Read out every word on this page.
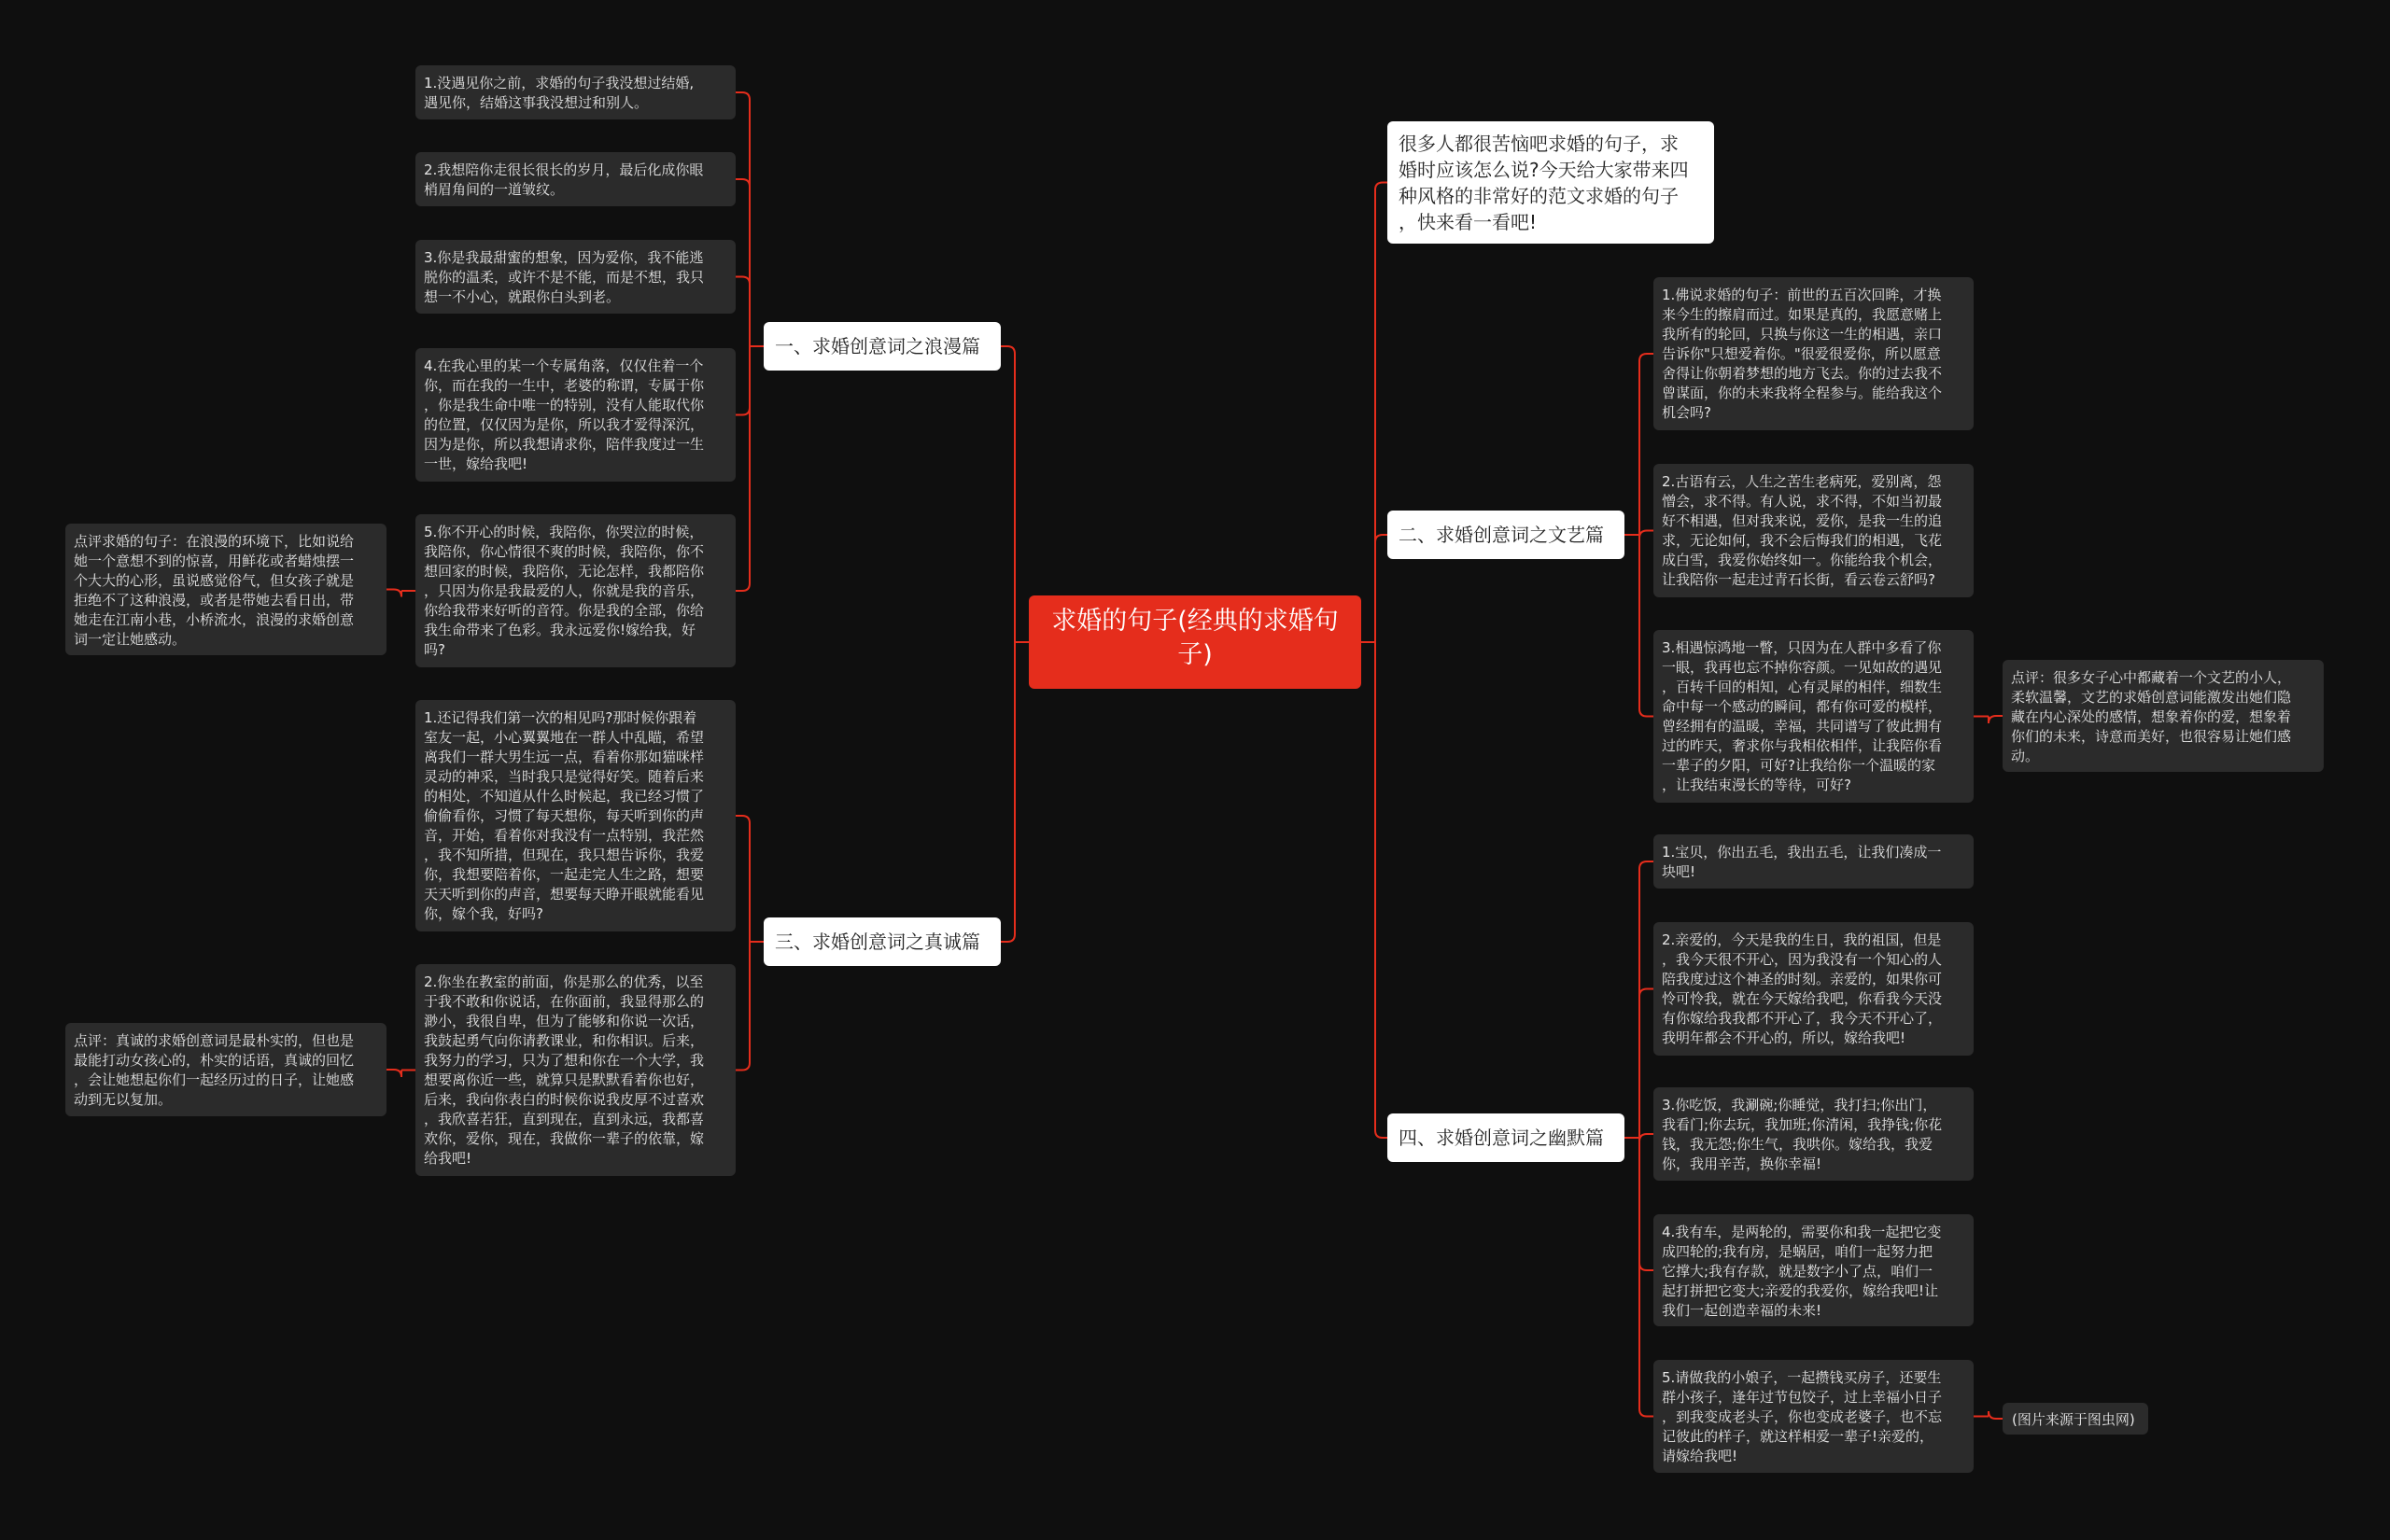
求婚的句子(经典的求婚句
子)
很多人都很苦恼吧求婚的句子，求
婚时应该怎么说?今天给大家带来四
种风格的非常好的范文求婚的句子
，快来看一看吧!
一、求婚创意词之浪漫篇
1.没遇见你之前，求婚的句子我没想过结婚,
遇见你，结婚这事我没想过和别人。
2.我想陪你走很长很长的岁月，最后化成你眼
梢眉角间的一道皱纹。
3.你是我最甜蜜的想象，因为爱你，我不能逃
脱你的温柔，或许不是不能，而是不想，我只
想一不小心，就跟你白头到老。
4.在我心里的某一个专属角落，仅仅住着一个
你，而在我的一生中，老婆的称谓，专属于你
，你是我生命中唯一的特别，没有人能取代你
的位置，仅仅因为是你，所以我才爱得深沉，
因为是你，所以我想请求你，陪伴我度过一生
一世，嫁给我吧!
5.你不开心的时候，我陪你，你哭泣的时候，
我陪你，你心情很不爽的时候，我陪你，你不
想回家的时候，我陪你，无论怎样，我都陪你
，只因为你是我最爱的人，你就是我的音乐，
你给我带来好听的音符。你是我的全部，你给
我生命带来了色彩。我永远爱你!嫁给我，好
吗?
点评求婚的句子：在浪漫的环境下，比如说给
她一个意想不到的惊喜，用鲜花或者蜡烛摆一
个大大的心形，虽说感觉俗气，但女孩子就是
拒绝不了这种浪漫，或者是带她去看日出，带
她走在江南小巷，小桥流水，浪漫的求婚创意
词一定让她感动。
二、求婚创意词之文艺篇
1.佛说求婚的句子：前世的五百次回眸，才换
来今生的擦肩而过。如果是真的，我愿意赌上
我所有的轮回，只换与你这一生的相遇，亲口
告诉你"只想爱着你。"很爱很爱你，所以愿意
舍得让你朝着梦想的地方飞去。你的过去我不
曾谋面，你的未来我将全程参与。能给我这个
机会吗?
2.古语有云，人生之苦生老病死，爱别离，怨
憎会，求不得。有人说，求不得，不如当初最
好不相遇，但对我来说，爱你，是我一生的追
求，无论如何，我不会后悔我们的相遇，飞花
成白雪，我爱你始终如一。你能给我个机会，
让我陪你一起走过青石长街，看云卷云舒吗?
3.相遇惊鸿地一瞥，只因为在人群中多看了你
一眼，我再也忘不掉你容颜。一见如故的遇见
，百转千回的相知，心有灵犀的相伴，细数生
命中每一个感动的瞬间，都有你可爱的模样，
曾经拥有的温暖，幸福，共同谱写了彼此拥有
过的昨天，奢求你与我相依相伴，让我陪你看
一辈子的夕阳，可好?让我给你一个温暖的家
，让我结束漫长的等待，可好?
点评：很多女子心中都藏着一个文艺的小人，
柔软温馨，文艺的求婚创意词能激发出她们隐
藏在内心深处的感情，想象着你的爱，想象着
你们的未来，诗意而美好，也很容易让她们感
动。
三、求婚创意词之真诚篇
1.还记得我们第一次的相见吗?那时候你跟着
室友一起，小心翼翼地在一群人中乱瞄，希望
离我们一群大男生远一点，看着你那如猫咪样
灵动的神采，当时我只是觉得好笑。随着后来
的相处，不知道从什么时候起，我已经习惯了
偷偷看你，习惯了每天想你，每天听到你的声
音，开始，看着你对我没有一点特别，我茫然
，我不知所措，但现在，我只想告诉你，我爱
你，我想要陪着你，一起走完人生之路，想要
天天听到你的声音，想要每天睁开眼就能看见
你，嫁个我，好吗?
2.你坐在教室的前面，你是那么的优秀，以至
于我不敢和你说话，在你面前，我显得那么的
渺小，我很自卑，但为了能够和你说一次话，
我鼓起勇气向你请教课业，和你相识。后来，
我努力的学习，只为了想和你在一个大学，我
想要离你近一些，就算只是默默看着你也好，
后来，我向你表白的时候你说我皮厚不过喜欢
，我欣喜若狂，直到现在，直到永远，我都喜
欢你，爱你，现在，我做你一辈子的依靠，嫁
给我吧!
点评：真诚的求婚创意词是最朴实的，但也是
最能打动女孩心的，朴实的话语，真诚的回忆
，会让她想起你们一起经历过的日子，让她感
动到无以复加。
四、求婚创意词之幽默篇
1.宝贝，你出五毛，我出五毛，让我们凑成一
块吧!
2.亲爱的，今天是我的生日，我的祖国，但是
，我今天很不开心，因为我没有一个知心的人
陪我度过这个神圣的时刻。亲爱的，如果你可
怜可怜我，就在今天嫁给我吧，你看我今天没
有你嫁给我我都不开心了，我今天不开心了，
我明年都会不开心的，所以，嫁给我吧!
3.你吃饭，我涮碗;你睡觉，我打扫;你出门，
我看门;你去玩，我加班;你清闲，我挣钱;你花
钱，我无怨;你生气，我哄你。嫁给我，我爱
你，我用辛苦，换你幸福!
4.我有车，是两轮的，需要你和我一起把它变
成四轮的;我有房，是蜗居，咱们一起努力把
它撑大;我有存款，就是数字小了点，咱们一
起打拼把它变大;亲爱的我爱你，嫁给我吧!让
我们一起创造幸福的未来!
5.请做我的小娘子，一起攒钱买房子，还要生
群小孩子，逢年过节包饺子，过上幸福小日子
，到我变成老头子，你也变成老婆子，也不忘
记彼此的样子，就这样相爱一辈子!亲爱的，
请嫁给我吧!
(图片来源于图虫网)
